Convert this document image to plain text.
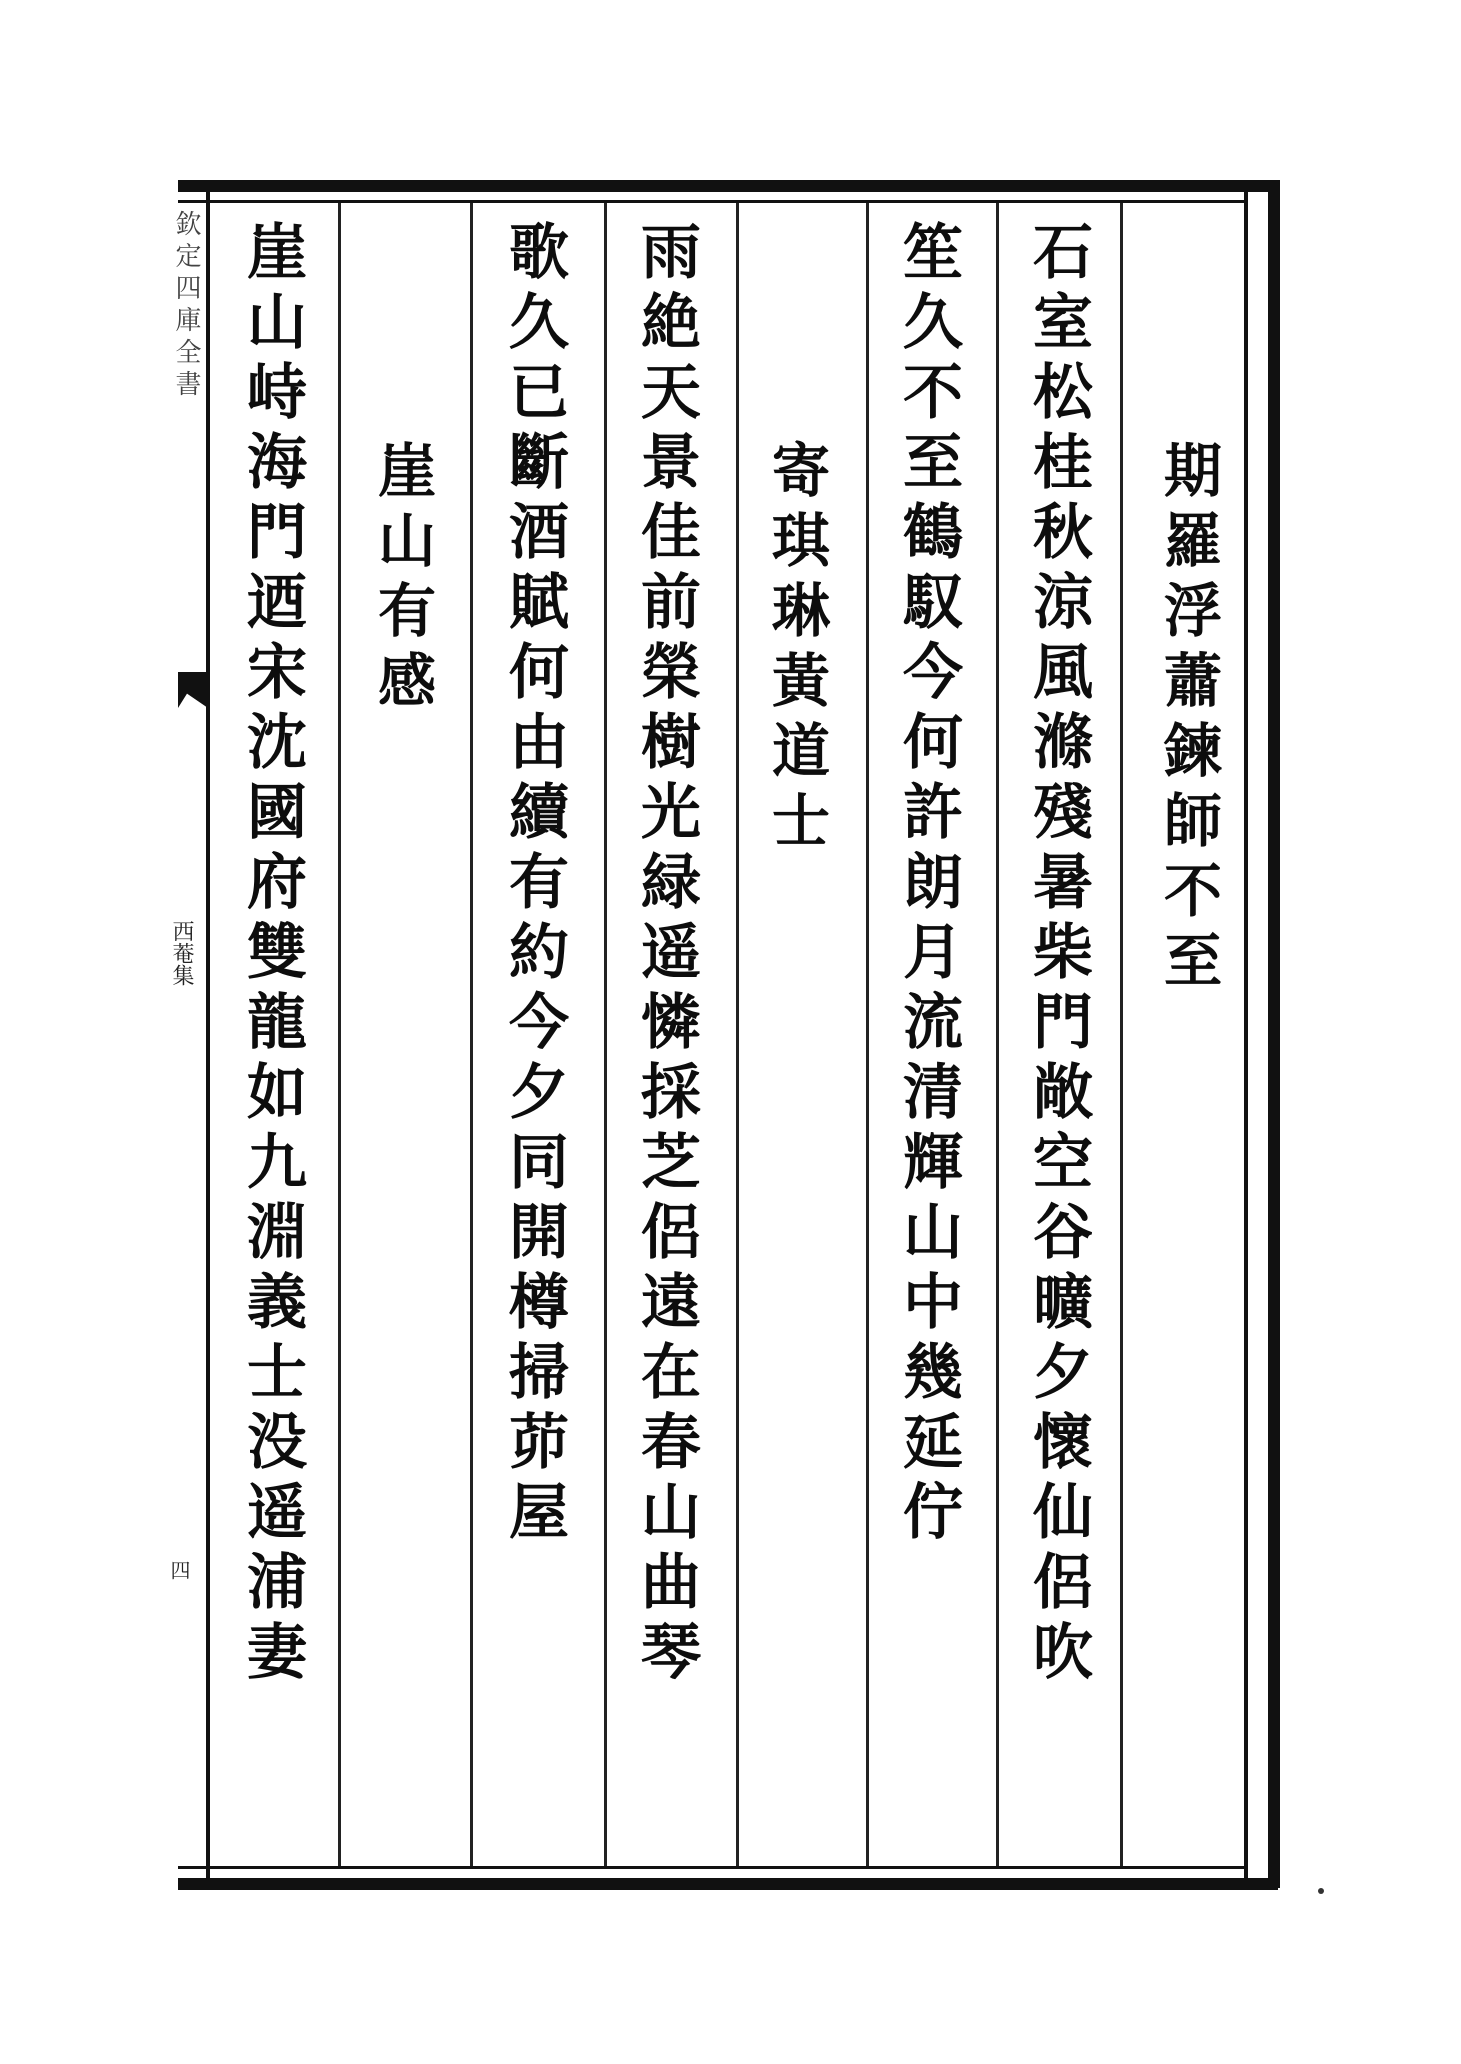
欽定四庫全書
西菴集
四
期羅浮蕭鍊師不至
石室松桂秋涼風滌殘暑柴門敞空谷曠夕懷仙侶吹
笙久不至鶴馭今何許朗月流清輝山中幾延佇
寄琪琳黃道士
雨絶天景佳前榮樹光緑遥憐採芝侶遠在春山曲琴
歌久已斷酒賦何由續有約今夕同開樽掃茆屋
崖山有感
崖山峙海門迺宋沈國府雙龍如九淵義士没遥浦妻
